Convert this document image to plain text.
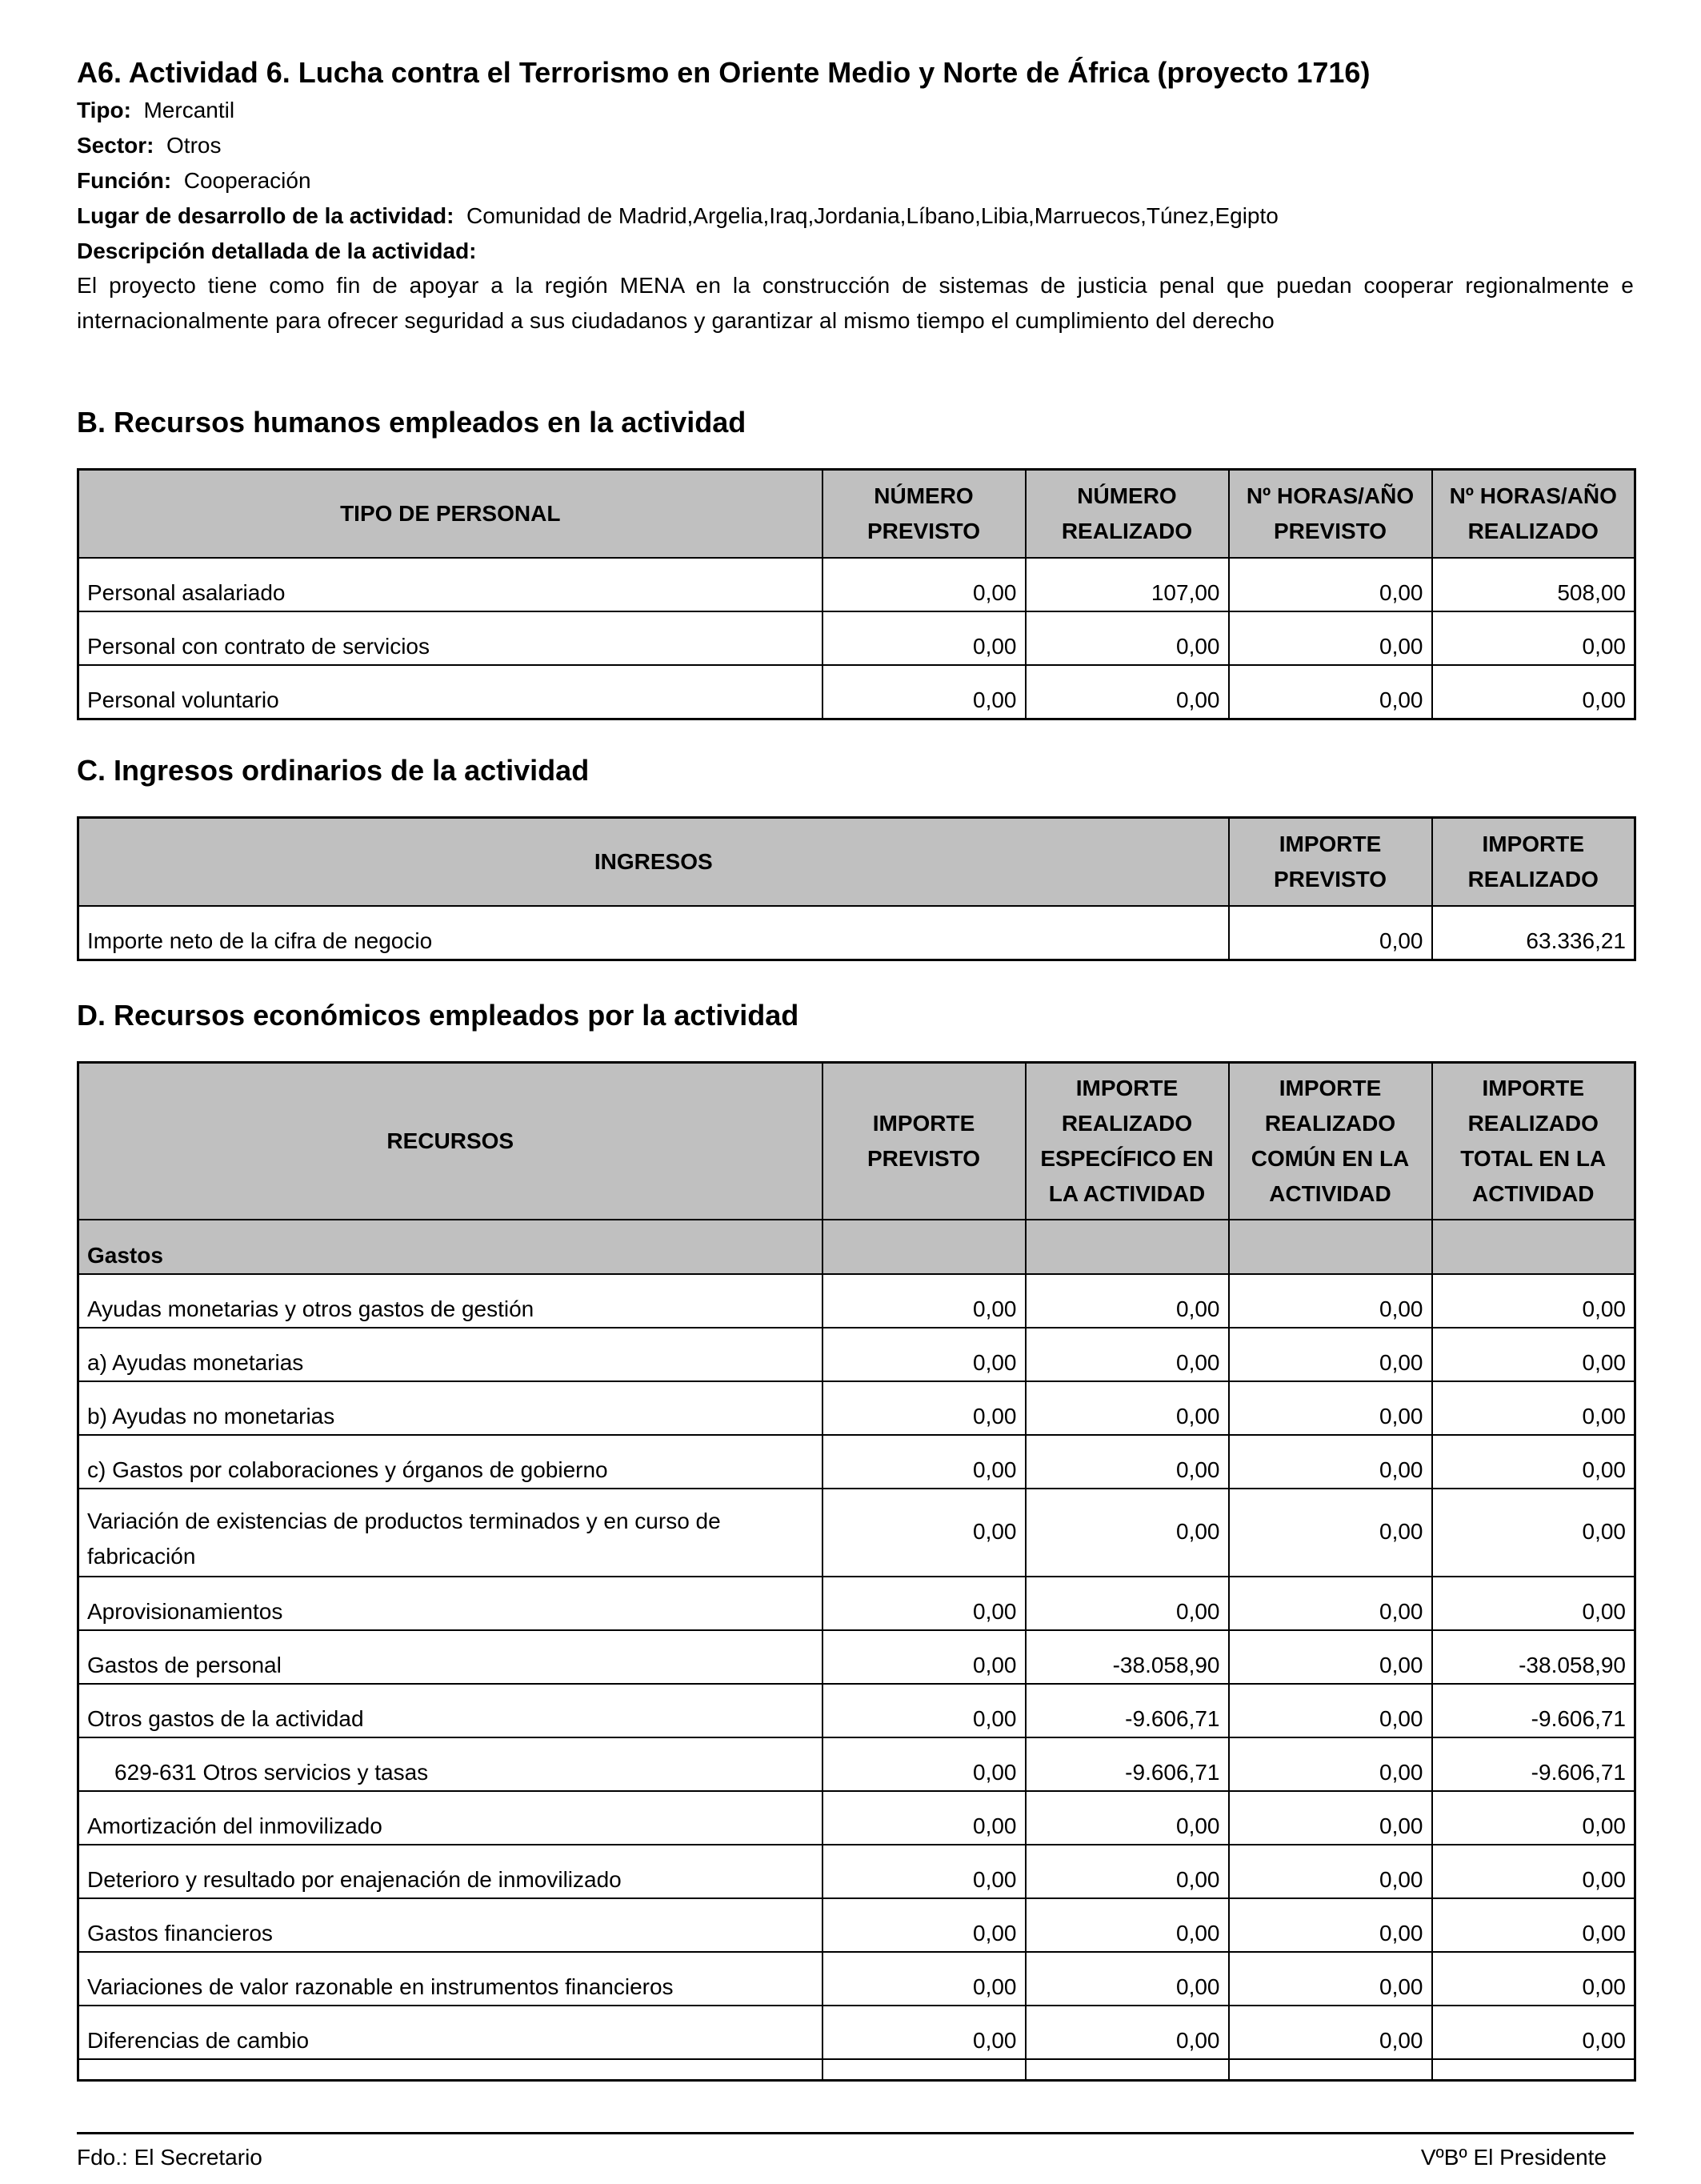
A6. Actividad 6. Lucha contra el Terrorismo en Oriente Medio y Norte de África (proyecto 1716)
Tipo: Mercantil
Sector: Otros
Función: Cooperación
Lugar de desarrollo de la actividad: Comunidad de Madrid,Argelia,Iraq,Jordania,Líbano,Libia,Marruecos,Túnez,Egipto
Descripción detallada de la actividad:
El proyecto tiene como fin de apoyar a la región MENA en la construcción de sistemas de justicia penal que puedan cooperar regionalmente e internacionalmente para ofrecer seguridad a sus ciudadanos y garantizar al mismo tiempo el cumplimiento del derecho
B. Recursos humanos empleados en la actividad
TIPO DE PERSONAL	NÚMERO PREVISTO	NÚMERO REALIZADO	Nº HORAS/AÑO PREVISTO	Nº HORAS/AÑO REALIZADO
Personal asalariado	0,00	107,00	0,00	508,00
Personal con contrato de servicios	0,00	0,00	0,00	0,00
Personal voluntario	0,00	0,00	0,00	0,00
C. Ingresos ordinarios de la actividad
INGRESOS	IMPORTE PREVISTO	IMPORTE REALIZADO
Importe neto de la cifra de negocio	0,00	63.336,21
D. Recursos económicos empleados por la actividad
RECURSOS	IMPORTE PREVISTO	IMPORTE REALIZADO ESPECÍFICO EN LA ACTIVIDAD	IMPORTE REALIZADO COMÚN EN LA ACTIVIDAD	IMPORTE REALIZADO TOTAL EN LA ACTIVIDAD
Gastos				
Ayudas monetarias y otros gastos de gestión	0,00	0,00	0,00	0,00
a) Ayudas monetarias	0,00	0,00	0,00	0,00
b) Ayudas no monetarias	0,00	0,00	0,00	0,00
c) Gastos por colaboraciones y órganos de gobierno	0,00	0,00	0,00	0,00
Variación de existencias de productos terminados y en curso de fabricación	0,00	0,00	0,00	0,00
Aprovisionamientos	0,00	0,00	0,00	0,00
Gastos de personal	0,00	-38.058,90	0,00	-38.058,90
Otros gastos de la actividad	0,00	-9.606,71	0,00	-9.606,71
629-631 Otros servicios y tasas	0,00	-9.606,71	0,00	-9.606,71
Amortización del inmovilizado	0,00	0,00	0,00	0,00
Deterioro y resultado por enajenación de inmovilizado	0,00	0,00	0,00	0,00
Gastos financieros	0,00	0,00	0,00	0,00
Variaciones de valor razonable en instrumentos financieros	0,00	0,00	0,00	0,00
Diferencias de cambio	0,00	0,00	0,00	0,00

Fdo.: El Secretario	VºBº El Presidente
